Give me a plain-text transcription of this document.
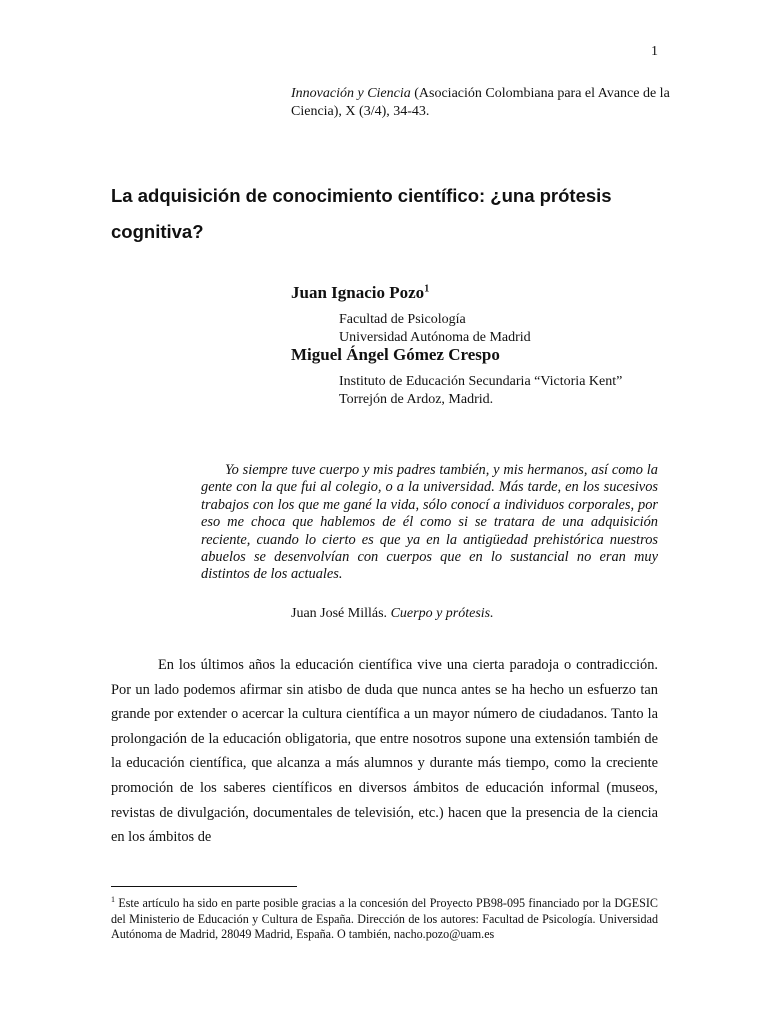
1
Innovación y Ciencia (Asociación Colombiana para el Avance de la Ciencia), X (3/4), 34-43.
La adquisición de conocimiento científico: ¿una prótesis cognitiva?
Juan Ignacio Pozo$^1$
Facultad de Psicología
Universidad Autónoma de Madrid
Miguel Ángel Gómez Crespo
Instituto de Educación Secundaria “Victoria Kent”
Torrejón de Ardoz, Madrid.

Yo siempre tuve cuerpo y mis padres también, y mis hermanos, así como la gente con la que fui al colegio, o a la universidad. Más tarde, en los sucesivos trabajos con los que me gané la vida, sólo conocí a individuos corporales, por eso me choca que hablemos de él como si se tratara de una adquisición reciente, cuando lo cierto es que ya en la antigüedad prehistórica nuestros abuelos se desenvolvían con cuerpos que en lo sustancial no eran muy distintos de los actuales.

Juan José Millás. Cuerpo y prótesis.

En los últimos años la educación científica vive una cierta paradoja o contradicción. Por un lado podemos afirmar sin atisbo de duda que nunca antes se ha hecho un esfuerzo tan grande por extender o acercar la cultura científica a un mayor número de ciudadanos. Tanto la prolongación de la educación obligatoria, que entre nosotros supone una extensión también de la educación científica, que alcanza a más alumnos y durante más tiempo, como la creciente promoción de los saberes científicos en diversos ámbitos de educación informal (museos, revistas de divulgación, documentales de televisión, etc.) hacen que la presencia de la ciencia en los ámbitos de

$^1$ Este artículo ha sido en parte posible gracias a la concesión del Proyecto PB98-095 financiado por la DGESIC del Ministerio de Educación y Cultura de España. Dirección de los autores: Facultad de Psicología. Universidad Autónoma de Madrid, 28049 Madrid, España. O también, nacho.pozo@uam.es
